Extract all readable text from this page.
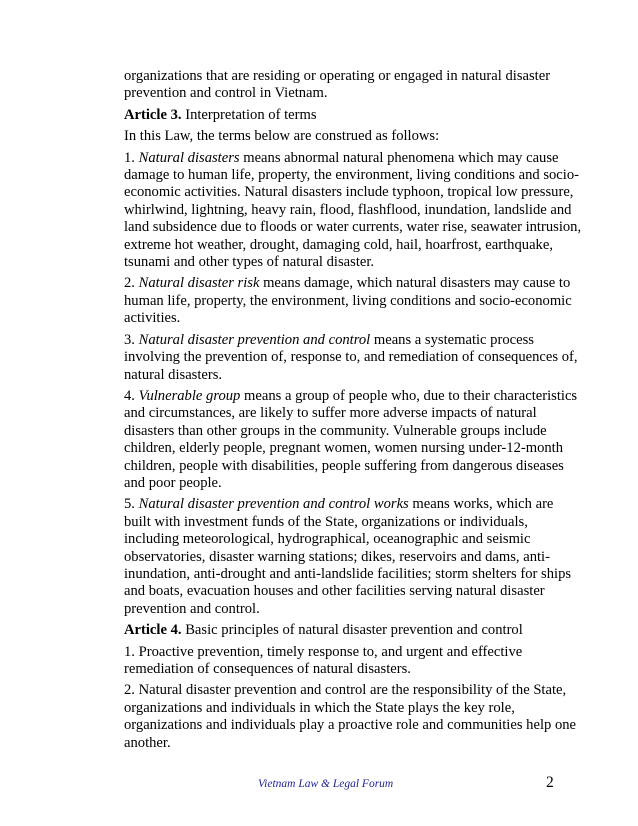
organizations that are residing or operating or engaged in natural disaster
prevention and control in Vietnam.

Article 3. Interpretation of terms

In this Law, the terms below are construed as follows:

1. Natural disasters means abnormal natural phenomena which may cause
damage to human life, property, the environment, living conditions and socio-
economic activities. Natural disasters include typhoon, tropical low pressure,
whirlwind, lightning, heavy rain, flood, flashflood, inundation, landslide and
land subsidence due to floods or water currents, water rise, seawater intrusion,
extreme hot weather, drought, damaging cold, hail, hoarfrost, earthquake,
tsunami and other types of natural disaster.

2. Natural disaster risk means damage, which natural disasters may cause to
human life, property, the environment, living conditions and socio-economic
activities.

3. Natural disaster prevention and control means a systematic process
involving the prevention of, response to, and remediation of consequences of,
natural disasters.

4. Vulnerable group means a group of people who, due to their characteristics
and circumstances, are likely to suffer more adverse impacts of natural
disasters than other groups in the community. Vulnerable groups include
children, elderly people, pregnant women, women nursing under-12-month
children, people with disabilities, people suffering from dangerous diseases
and poor people.

5. Natural disaster prevention and control works means works, which are
built with investment funds of the State, organizations or individuals,
including meteorological, hydrographical, oceanographic and seismic
observatories, disaster warning stations; dikes, reservoirs and dams, anti-
inundation, anti-drought and anti-landslide facilities; storm shelters for ships
and boats, evacuation houses and other facilities serving natural disaster
prevention and control.

Article 4. Basic principles of natural disaster prevention and control

1. Proactive prevention, timely response to, and urgent and effective
remediation of consequences of natural disasters.

2. Natural disaster prevention and control are the responsibility of the State,
organizations and individuals in which the State plays the key role,
organizations and individuals play a proactive role and communities help one
another.

Vietnam Law & Legal Forum	2
